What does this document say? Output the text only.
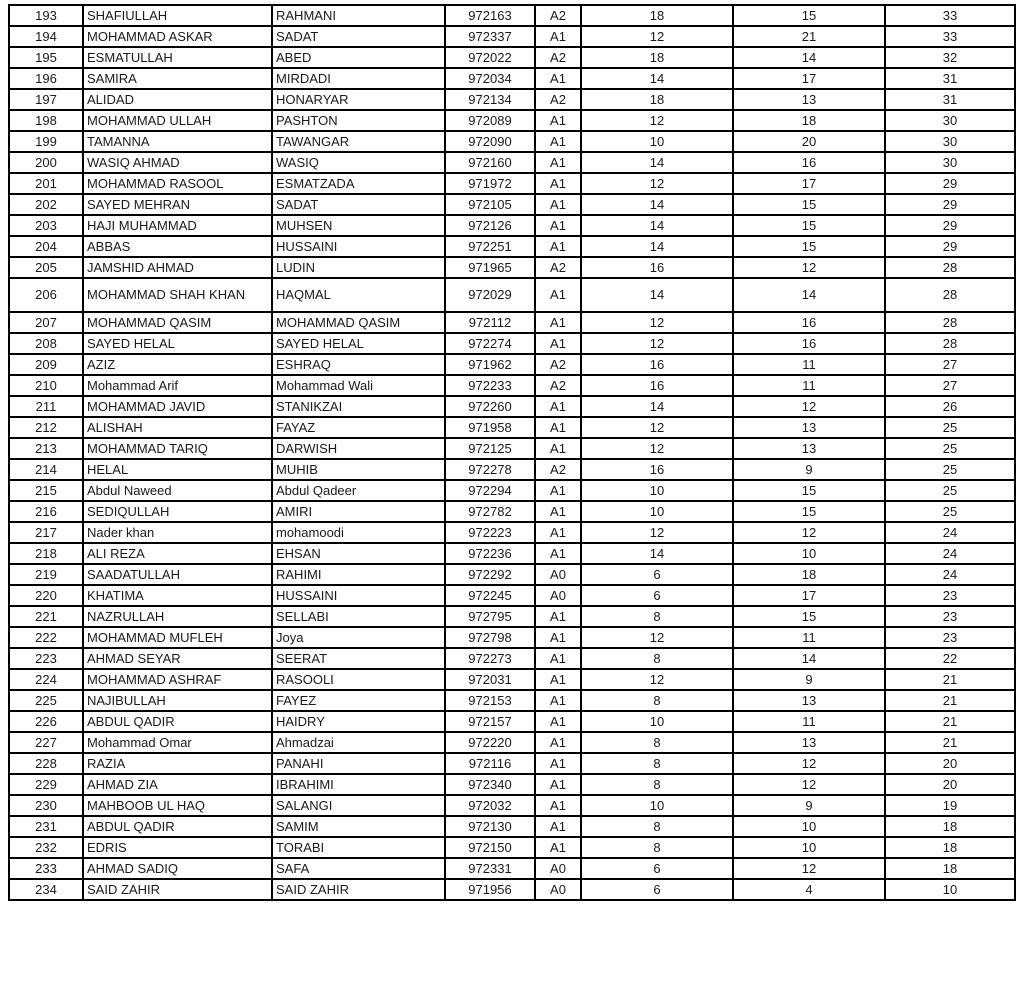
193	SHAFIULLAH	RAHMANI	972163	A2	18	15	33
194	MOHAMMAD ASKAR	SADAT	972337	A1	12	21	33
195	ESMATULLAH	ABED	972022	A2	18	14	32
196	SAMIRA	MIRDADI	972034	A1	14	17	31
197	ALIDAD	HONARYAR	972134	A2	18	13	31
198	MOHAMMAD ULLAH	PASHTON	972089	A1	12	18	30
199	TAMANNA	TAWANGAR	972090	A1	10	20	30
200	WASIQ AHMAD	WASIQ	972160	A1	14	16	30
201	MOHAMMAD RASOOL	ESMATZADA	971972	A1	12	17	29
202	SAYED MEHRAN	SADAT	972105	A1	14	15	29
203	HAJI MUHAMMAD	MUHSEN	972126	A1	14	15	29
204	ABBAS	HUSSAINI	972251	A1	14	15	29
205	JAMSHID AHMAD	LUDIN	971965	A2	16	12	28
206	MOHAMMAD SHAH KHAN	HAQMAL	972029	A1	14	14	28
207	MOHAMMAD QASIM	MOHAMMAD QASIM	972112	A1	12	16	28
208	SAYED HELAL	SAYED HELAL	972274	A1	12	16	28
209	AZIZ	ESHRAQ	971962	A2	16	11	27
210	Mohammad Arif	Mohammad Wali	972233	A2	16	11	27
211	MOHAMMAD JAVID	STANIKZAI	972260	A1	14	12	26
212	ALISHAH	FAYAZ	971958	A1	12	13	25
213	MOHAMMAD TARIQ	DARWISH	972125	A1	12	13	25
214	HELAL	MUHIB	972278	A2	16	9	25
215	Abdul Naweed	Abdul Qadeer	972294	A1	10	15	25
216	SEDIQULLAH	AMIRI	972782	A1	10	15	25
217	Nader khan	mohamoodi	972223	A1	12	12	24
218	ALI REZA	EHSAN	972236	A1	14	10	24
219	SAADATULLAH	RAHIMI	972292	A0	6	18	24
220	KHATIMA	HUSSAINI	972245	A0	6	17	23
221	NAZRULLAH	SELLABI	972795	A1	8	15	23
222	MOHAMMAD MUFLEH	Joya	972798	A1	12	11	23
223	AHMAD SEYAR	SEERAT	972273	A1	8	14	22
224	MOHAMMAD ASHRAF	RASOOLI	972031	A1	12	9	21
225	NAJIBULLAH	FAYEZ	972153	A1	8	13	21
226	ABDUL QADIR	HAIDRY	972157	A1	10	11	21
227	Mohammad Omar	Ahmadzai	972220	A1	8	13	21
228	RAZIA	PANAHI	972116	A1	8	12	20
229	AHMAD ZIA	IBRAHIMI	972340	A1	8	12	20
230	MAHBOOB UL HAQ	SALANGI	972032	A1	10	9	19
231	ABDUL QADIR	SAMIM	972130	A1	8	10	18
232	EDRIS	TORABI	972150	A1	8	10	18
233	AHMAD SADIQ	SAFA	972331	A0	6	12	18
234	SAID ZAHIR	SAID ZAHIR	971956	A0	6	4	10
